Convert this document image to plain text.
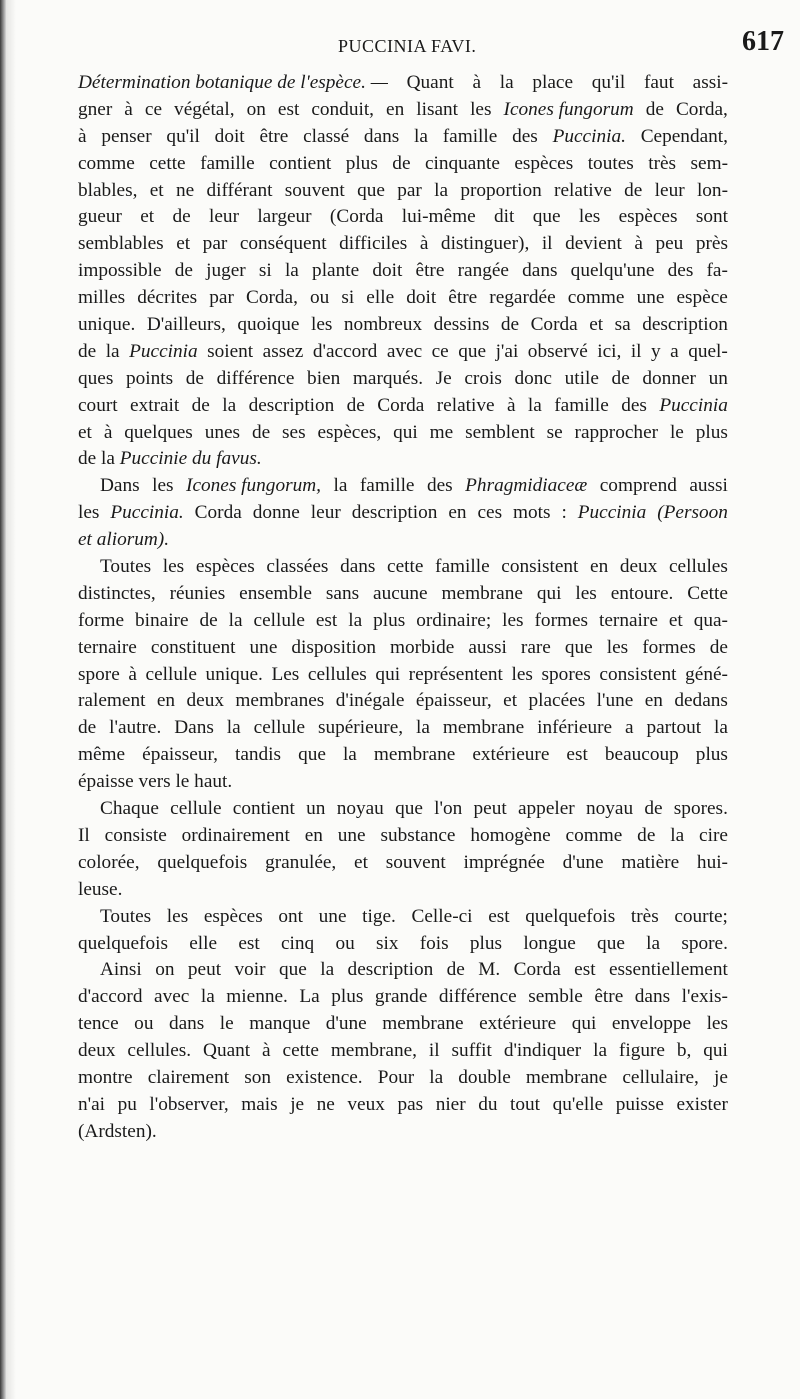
PUCCINIA FAVI.	617
Détermination botanique de l'espèce. — Quant à la place qu'il faut assi-
gner à ce végétal, on est conduit, en lisant les Icones fungorum de Corda,
à penser qu'il doit être classé dans la famille des Puccinia. Cependant,
comme cette famille contient plus de cinquante espèces toutes très sem-
blables, et ne différant souvent que par la proportion relative de leur lon-
gueur et de leur largeur (Corda lui-même dit que les espèces sont
semblables et par conséquent difficiles à distinguer), il devient à peu près
impossible de juger si la plante doit être rangée dans quelqu'une des fa-
milles décrites par Corda, ou si elle doit être regardée comme une espèce
unique. D'ailleurs, quoique les nombreux dessins de Corda et sa description
de la Puccinia soient assez d'accord avec ce que j'ai observé ici, il y a quel-
ques points de différence bien marqués. Je crois donc utile de donner un
court extrait de la description de Corda relative à la famille des Puccinia
et à quelques unes de ses espèces, qui me semblent se rapprocher le plus
de la Puccinie du favus.
Dans les Icones fungorum, la famille des Phragmidiaceæ comprend aussi
les Puccinia. Corda donne leur description en ces mots : Puccinia (Persoon
et aliorum).
Toutes les espèces classées dans cette famille consistent en deux cellules
distinctes, réunies ensemble sans aucune membrane qui les entoure. Cette
forme binaire de la cellule est la plus ordinaire; les formes ternaire et qua-
ternaire constituent une disposition morbide aussi rare que les formes de
spore à cellule unique. Les cellules qui représentent les spores consistent géné-
ralement en deux membranes d'inégale épaisseur, et placées l'une en dedans
de l'autre. Dans la cellule supérieure, la membrane inférieure a partout la
même épaisseur, tandis que la membrane extérieure est beaucoup plus
épaisse vers le haut.
Chaque cellule contient un noyau que l'on peut appeler noyau de spores.
Il consiste ordinairement en une substance homogène comme de la cire
colorée, quelquefois granulée, et souvent imprégnée d'une matière hui-
leuse.
Toutes les espèces ont une tige. Celle-ci est quelquefois très courte;
quelquefois elle est cinq ou six fois plus longue que la spore.
Ainsi on peut voir que la description de M. Corda est essentiellement
d'accord avec la mienne. La plus grande différence semble être dans l'exis-
tence ou dans le manque d'une membrane extérieure qui enveloppe les
deux cellules. Quant à cette membrane, il suffit d'indiquer la figure b, qui
montre clairement son existence. Pour la double membrane cellulaire, je
n'ai pu l'observer, mais je ne veux pas nier du tout qu'elle puisse exister
(Ardsten).
